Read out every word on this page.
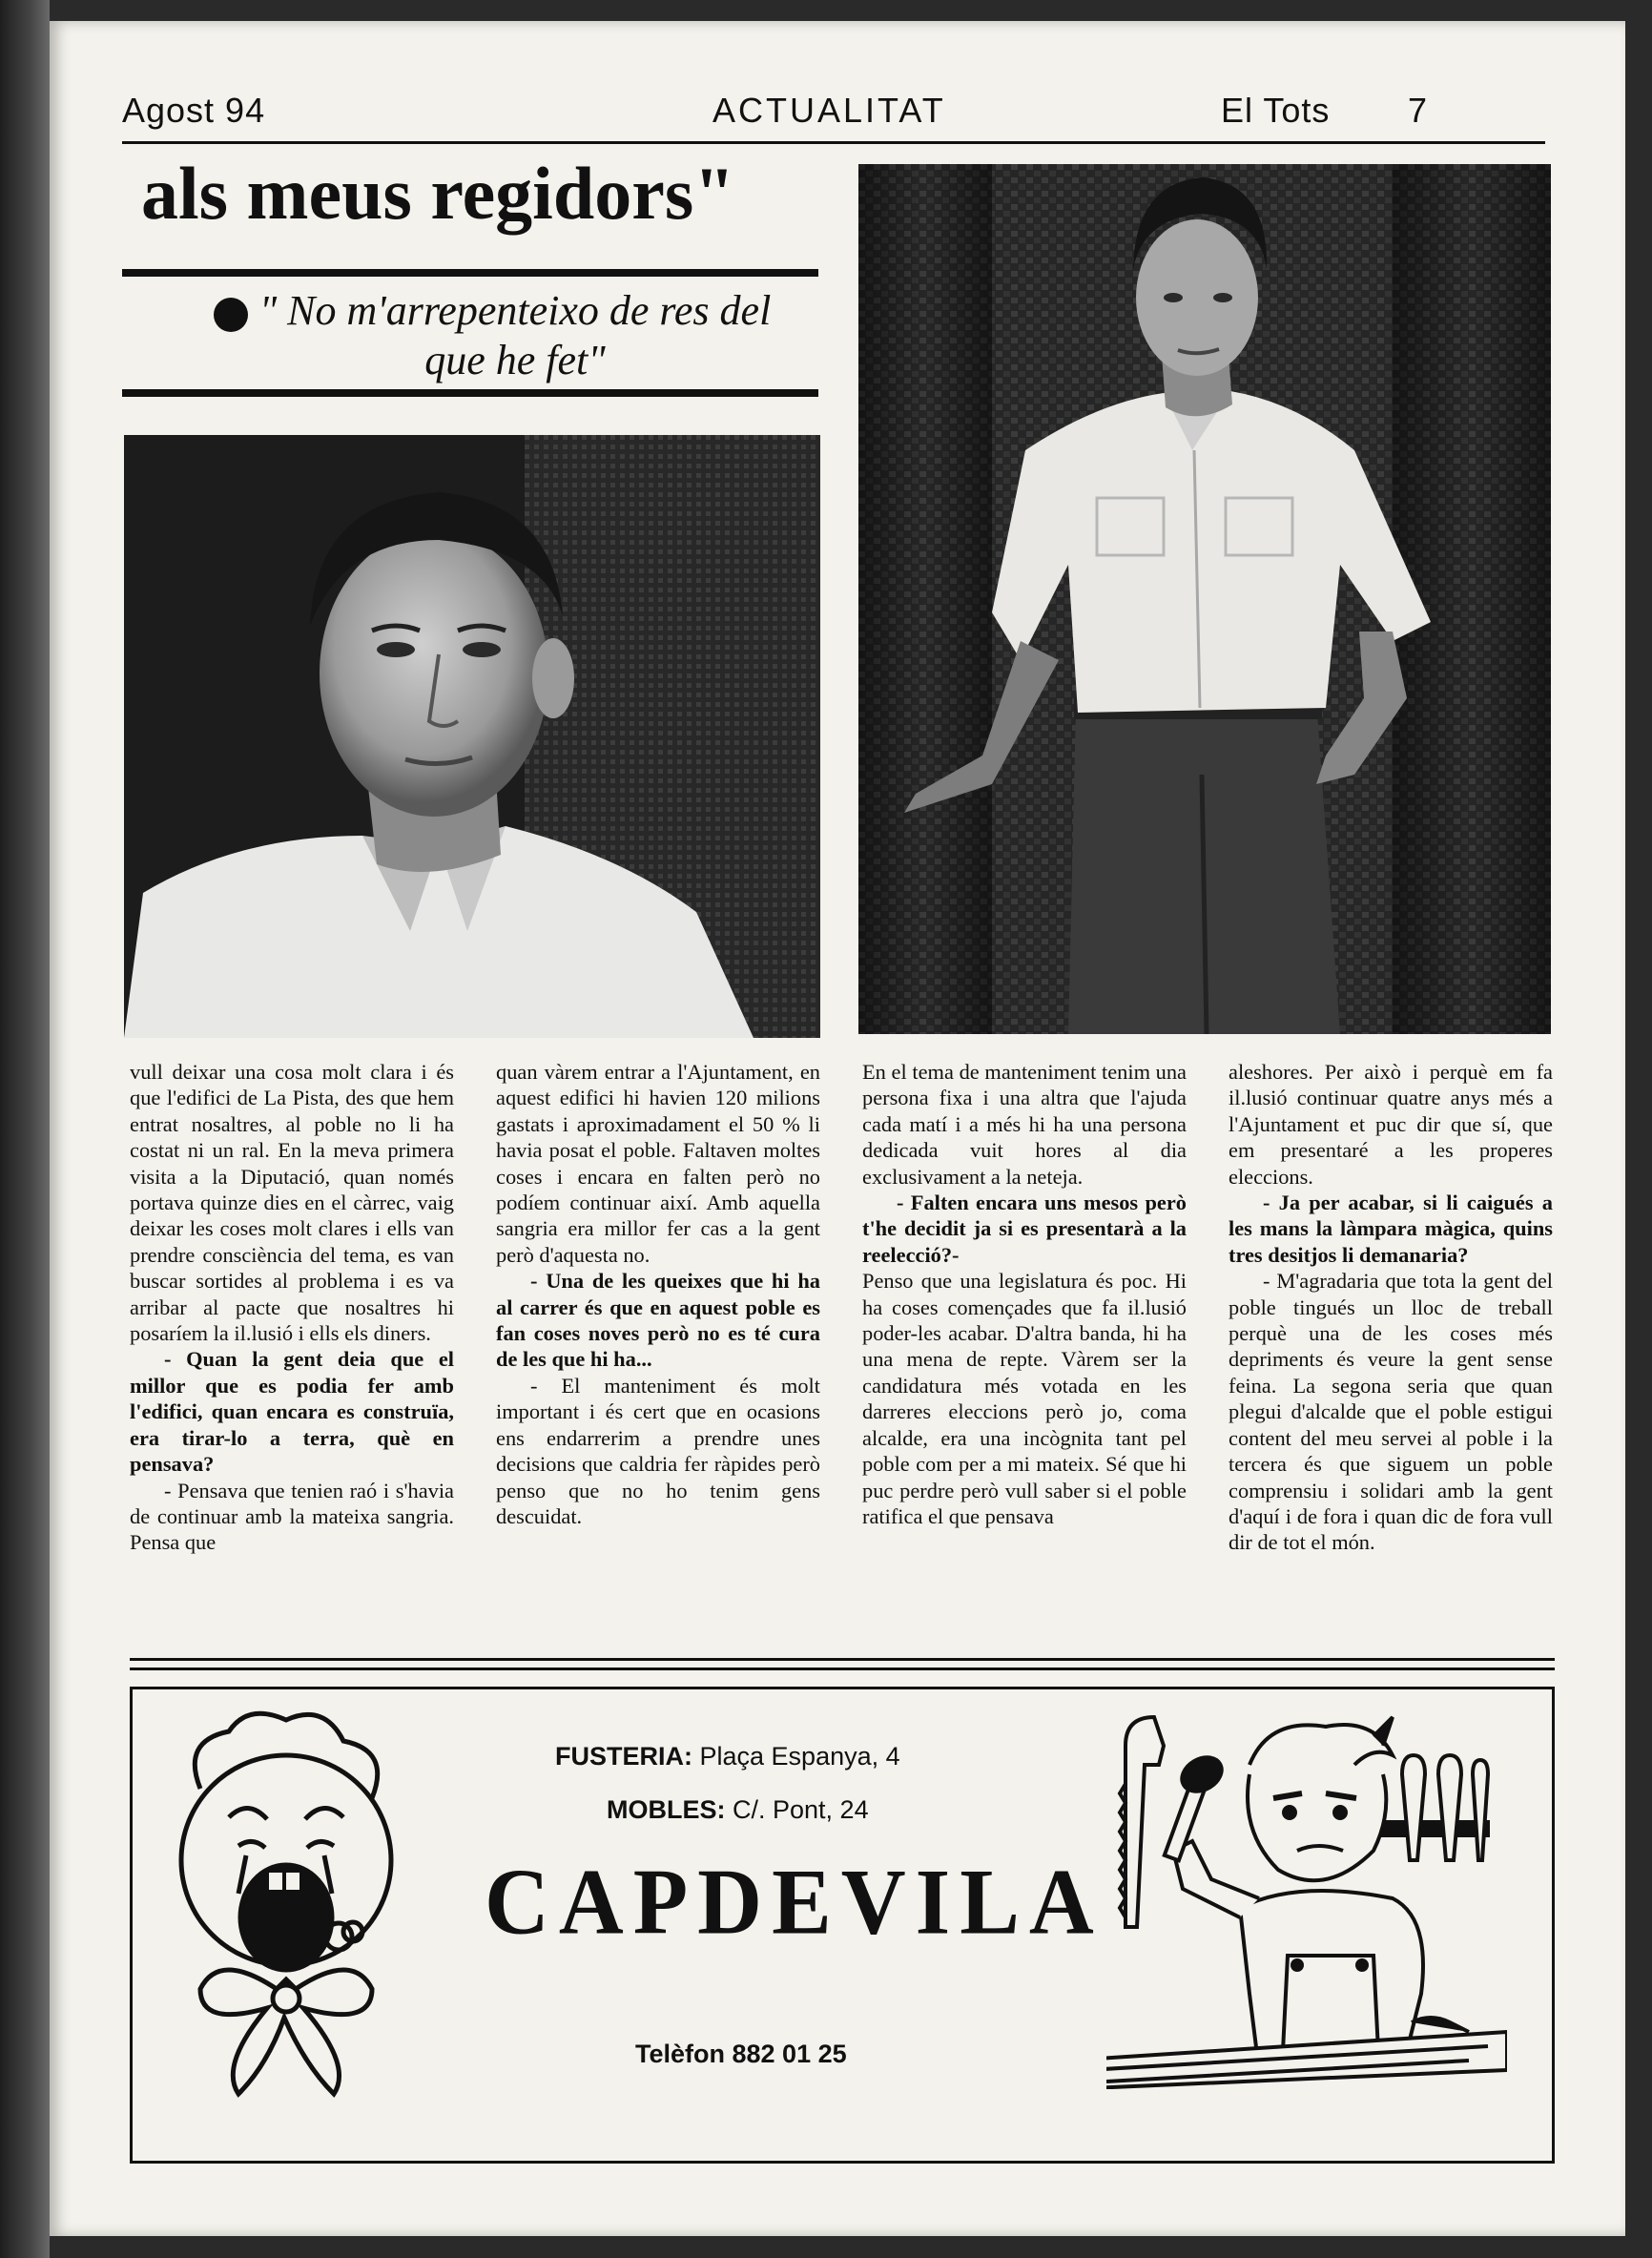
Agost 94	ACTUALITAT	El Tots 7
als meus regidors"
" No m'arrepenteixo de res del que he fet"

vull deixar una cosa molt clara i és que l'edifici de La Pista, des que hem entrat nosaltres, al poble no li ha costat ni un ral. En la meva primera visita a la Diputació, quan només portava quinze dies en el càrrec, vaig deixar les coses molt clares i ells van prendre consciència del tema, es van buscar sortides al problema i es va arribar al pacte que nosaltres hi posaríem la il.lusió i ells els diners.

- Quan la gent deia que el millor que es podia fer amb l'edifici, quan encara es construïa, era tirar-lo a terra, què en pensava?

- Pensava que tenien raó i s'havia de continuar amb la mateixa sangria. Pensa que

quan vàrem entrar a l'Ajuntament, en aquest edifici hi havien 120 milions gastats i aproximadament el 50 % li havia posat el poble. Faltaven moltes coses i encara en falten però no podíem continuar així. Amb aquella sangria era millor fer cas a la gent però d'aquesta no.

- Una de les queixes que hi ha al carrer és que en aquest poble es fan coses noves però no es té cura de les que hi ha...

- El manteniment és molt important i és cert que en ocasions ens endarrerim a prendre unes decisions que caldria fer ràpides però penso que no ho tenim gens descuidat.

En el tema de manteniment tenim una persona fixa i una altra que l'ajuda cada matí i a més hi ha una persona dedicada vuit hores al dia exclusivament a la neteja.

- Falten encara uns mesos però t'he decidit ja si es presentarà a la reelecció?-

Penso que una legislatura és poc. Hi ha coses començades que fa il.lusió poder-les acabar. D'altra banda, hi ha una mena de repte. Vàrem ser la candidatura més votada en les darreres eleccions però jo, coma alcalde, era una incògnita tant pel poble com per a mi mateix. Sé que hi puc perdre però vull saber si el poble ratifica el que pensava

aleshores. Per això i perquè em fa il.lusió continuar quatre anys més a l'Ajuntament et puc dir que sí, que em presentaré a les properes eleccions.

- Ja per acabar, si li caigués a les mans la làmpara màgica, quins tres desitjos li demanaria?

- M'agradaria que tota la gent del poble tingués un lloc de treball perquè una de les coses més depriments és veure la gent sense feina. La segona seria que quan plegui d'alcalde que el poble estigui content del meu servei al poble i la tercera és que siguem un poble comprensiu i solidari amb la gent d'aquí i de fora i quan dic de fora vull dir de tot el món.

FUSTERIA: Plaça Espanya, 4
MOBLES: C/. Pont, 24
CAPDEVILA
Telèfon 882 01 25
